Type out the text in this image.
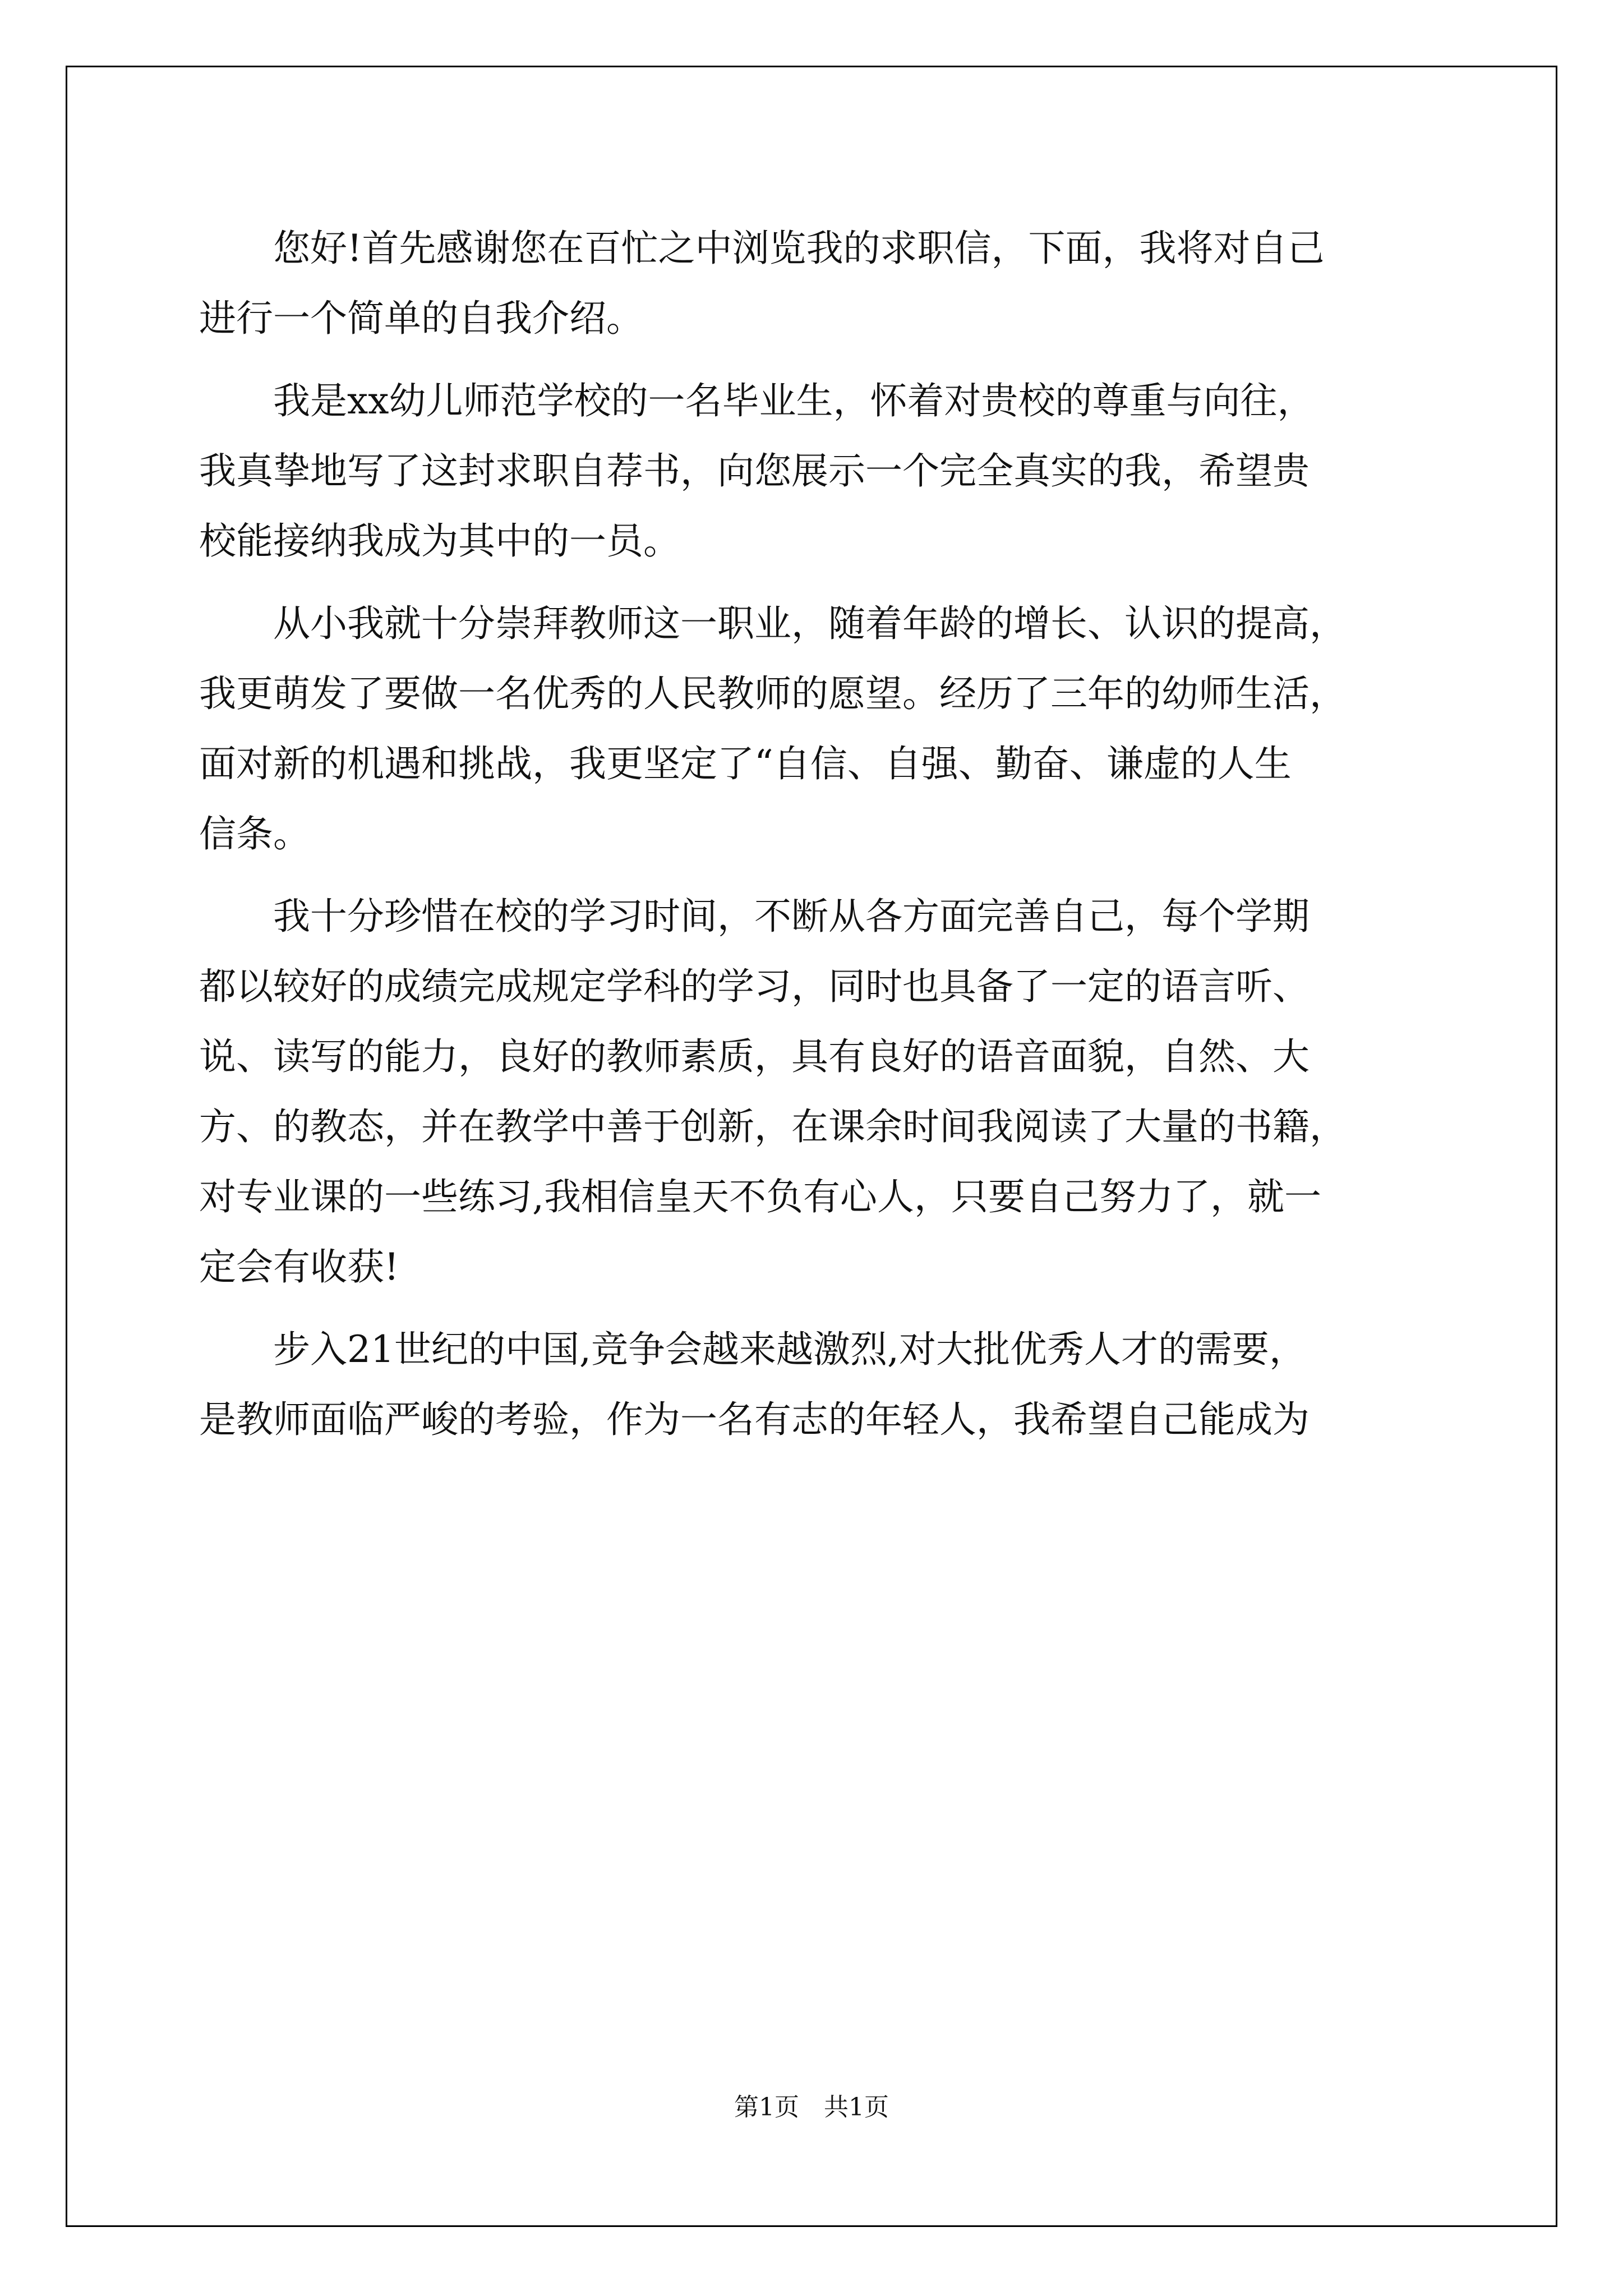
　　您好!首先感谢您在百忙之中浏览我的求职信，下面，我将对自己
进行一个简单的自我介绍。
　　我是xx幼儿师范学校的一名毕业生，怀着对贵校的尊重与向往，
我真挚地写了这封求职自荐书，向您展示一个完全真实的我，希望贵
校能接纳我成为其中的一员。
　　从小我就十分崇拜教师这一职业，随着年龄的增长、认识的提高，
我更萌发了要做一名优秀的人民教师的愿望。经历了三年的幼师生活，
面对新的机遇和挑战，我更坚定了“自信、自强、勤奋、谦虚的人生
信条。
　　我十分珍惜在校的学习时间，不断从各方面完善自己，每个学期
都以较好的成绩完成规定学科的学习，同时也具备了一定的语言听、
说、读写的能力，良好的教师素质，具有良好的语音面貌，自然、大
方、的教态，并在教学中善于创新，在课余时间我阅读了大量的书籍，
对专业课的一些练习,我相信皇天不负有心人，只要自己努力了，就一
定会有收获!
　　步入21世纪的中国,竞争会越来越激烈,对大批优秀人才的需要，
是教师面临严峻的考验，作为一名有志的年轻人，我希望自己能成为
第1页　共1页
